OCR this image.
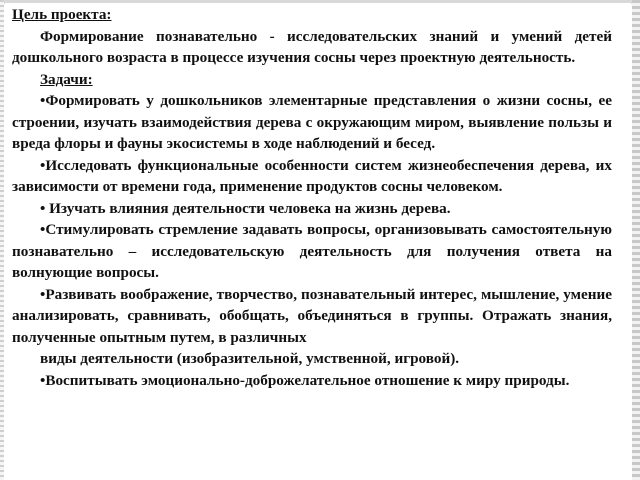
Цель проекта:

Формирование познавательно - исследовательских знаний и умений детей дошкольного возраста в процессе изучения сосны через проектную деятельность.

Задачи:

•Формировать у дошкольников элементарные представления о жизни сосны, ее строении, изучать взаимодействия дерева с окружающим миром, выявление пользы и вреда флоры и фауны экосистемы в ходе наблюдений и бесед.

•Исследовать функциональные особенности систем жизнеобеспечения дерева, их зависимости от времени года, применение продуктов сосны человеком.

• Изучать влияния деятельности человека на жизнь дерева.

•Стимулировать стремление задавать вопросы, организовывать самостоятельную познавательно – исследовательскую деятельность для получения ответа на волнующие вопросы.

•Развивать воображение, творчество, познавательный интерес, мышление, умение анализировать, сравнивать, обобщать, объединяться в группы. Отражать знания, полученные опытным путем, в различных

виды деятельности (изобразительной, умственной, игровой).

•Воспитывать эмоционально-доброжелательное отношение к миру природы.
